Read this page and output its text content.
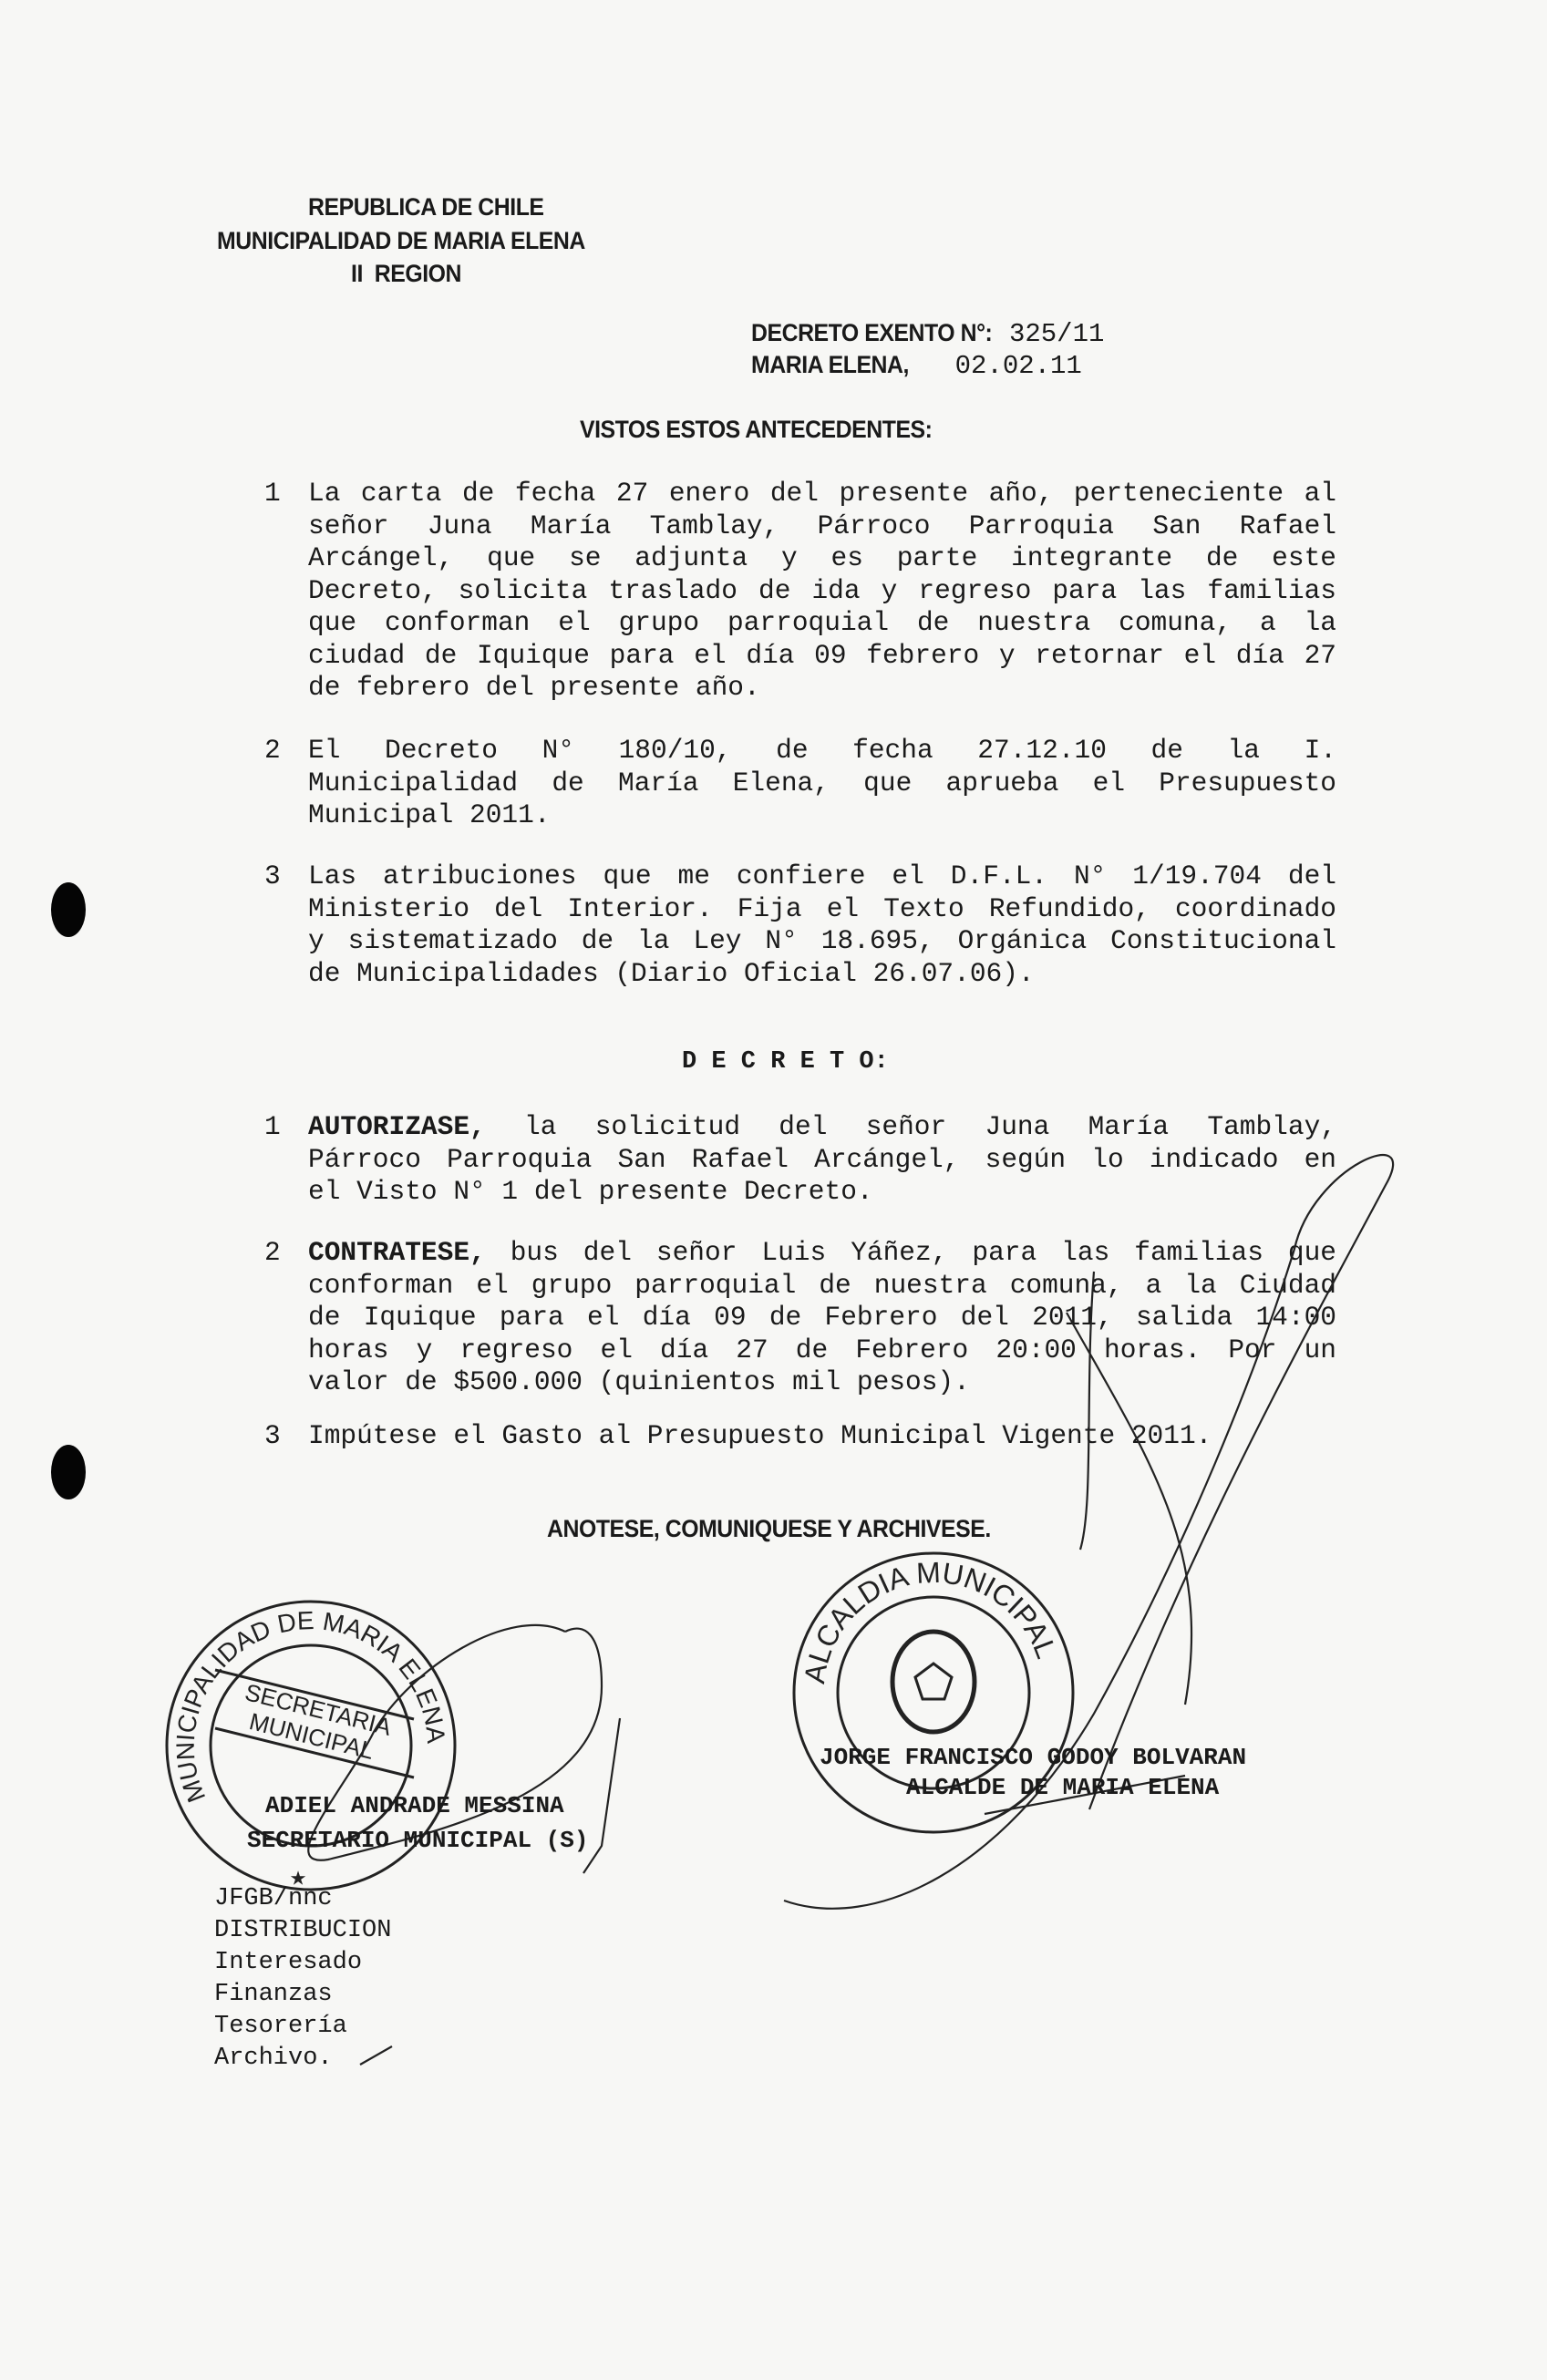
REPUBLICA DE CHILE
MUNICIPALIDAD DE MARIA ELENA
II  REGION
DECRETO EXENTO N°: 325/11
MARIA ELENA, 02.02.11
VISTOS ESTOS ANTECEDENTES:
1 La carta de fecha 27 enero del presente año, perteneciente al
señor Juna María Tamblay, Párroco Parroquia San Rafael
Arcángel, que se adjunta y es parte integrante de este
Decreto, solicita traslado de ida y regreso para las familias
que conforman el grupo parroquial de nuestra comuna, a la
ciudad de Iquique para el día 09 febrero y retornar el día 27
de febrero del presente año.
2 El Decreto N° 180/10, de fecha 27.12.10 de la I.
Municipalidad de María Elena, que aprueba el Presupuesto
Municipal 2011.
3 Las atribuciones que me confiere el D.F.L. N° 1/19.704 del
Ministerio del Interior. Fija el Texto Refundido, coordinado
y sistematizado de la Ley N° 18.695, Orgánica Constitucional
de Municipalidades (Diario Oficial 26.07.06).
D E C R E T O:
1 AUTORIZASE, la solicitud del señor Juna María Tamblay,
Párroco Parroquia San Rafael Arcángel, según lo indicado en
el Visto N° 1 del presente Decreto.
2 CONTRATESE, bus del señor Luis Yáñez, para las familias que
conforman el grupo parroquial de nuestra comuna, a la Ciudad
de Iquique para el día 09 de Febrero del 2011, salida 14:00
horas y regreso el día 27 de Febrero 20:00 horas. Por un
valor de $500.000 (quinientos mil pesos).
3 Impútese el Gasto al Presupuesto Municipal Vigente 2011.
ANOTESE, COMUNIQUESE Y ARCHIVESE.
MUNICIPALIDAD DE MARIA ELENA
★
ALCALDIA MUNICIPAL
SECRETARIA MUNICIPAL
ADIEL ANDRADE MESSINA
SECRETARIO MUNICIPAL (S)
JORGE FRANCISCO GODOY BOLVARAN
ALCALDE DE MARIA ELENA
JFGB/nnc
DISTRIBUCION
Interesado
Finanzas
Tesorería
Archivo.
